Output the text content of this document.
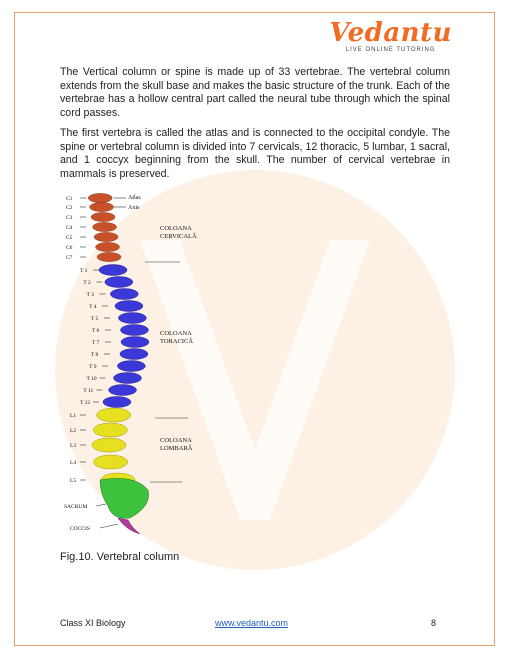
Vedantu
LIVE ONLINE TUTORING

The Vertical column or spine is made up of 33 vertebrae. The vertebral column extends from the skull base and makes the basic structure of the trunk. Each of the vertebrae has a hollow central part called the neural tube through which the spinal cord passes.

The first vertebra is called the atlas and is connected to the occipital condyle. The spine or vertebral column is divided into 7 cervicals, 12 thoracic, 5 lumbar, 1 sacral, and 1 coccyx beginning from the skull. The number of cervical vertebrae in mammals is preserved.

C1
C2
C3
C4
C5
C6
C7
T 1
T 2
T 3
T 4
T 5
T 6
T 7
T 8
T 9
T 10
T 11
T 12
L1
L2
L3
L4
L5
SACRUM
COCCIS
Atlas
Axis
COLOANA
CERVICALĂ
COLOANA
TORACICĂ
COLOANA
LOMBARĂ
Fig.10. Vertebral column
Class XI Biology	www.vedantu.com	8
